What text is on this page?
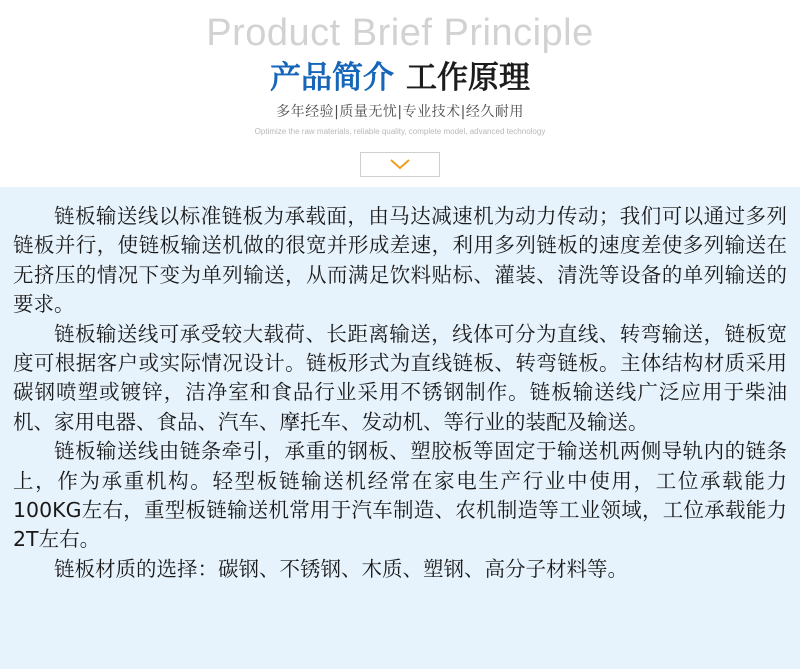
Product Brief Principle
产品简介 工作原理
多年经验|质量无忧|专业技术|经久耐用
Optimize the raw materials, reliable quality, complete model, advanced technology

链板输送线以标准链板为承载面，由马达减速机为动力传动；我们可以通过多列链板并行，使链板输送机做的很宽并形成差速，利用多列链板的速度差使多列输送在无挤压的情况下变为单列输送，从而满足饮料贴标、灌装、清洗等设备的单列输送的要求。

链板输送线可承受较大载荷、长距离输送，线体可分为直线、转弯输送，链板宽度可根据客户或实际情况设计。链板形式为直线链板、转弯链板。主体结构材质采用碳钢喷塑或镀锌，洁净室和食品行业采用不锈钢制作。链板输送线广泛应用于柴油机、家用电器、食品、汽车、摩托车、发动机、等行业的装配及输送。

链板输送线由链条牵引，承重的钢板、塑胶板等固定于输送机两侧导轨内的链条上，作为承重机构。轻型板链输送机经常在家电生产行业中使用，工位承载能力100KG左右，重型板链输送机常用于汽车制造、农机制造等工业领域，工位承载能力2T左右。

链板材质的选择：碳钢、不锈钢、木质、塑钢、高分子材料等。
